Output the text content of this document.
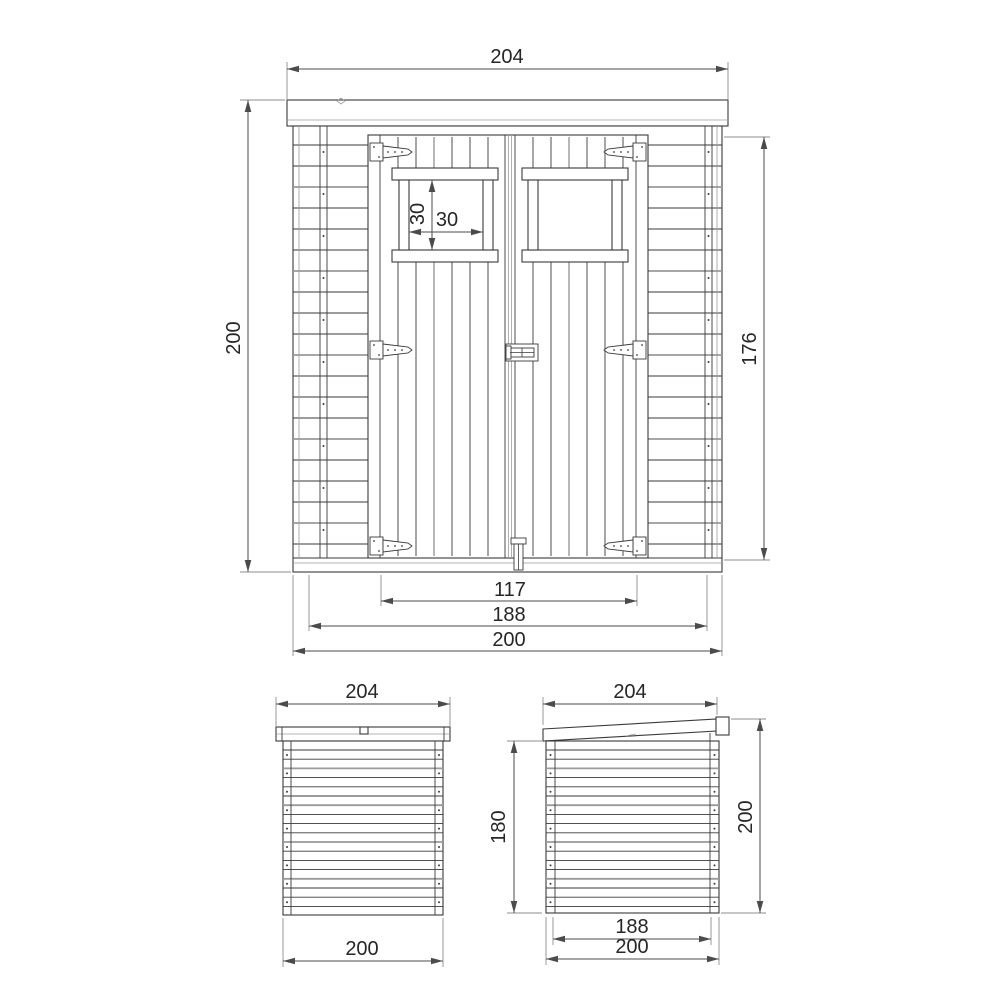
204
200	176
30 30
117
188
200
204
200
204
180	200
188
200
